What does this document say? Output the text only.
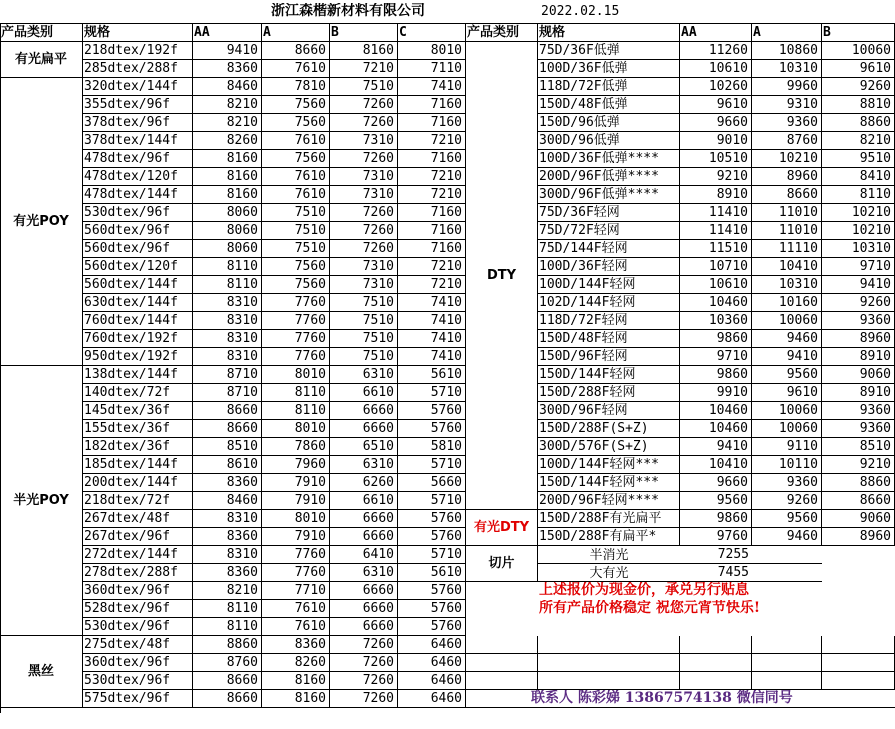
浙江森楷新材料有限公司	2022.02.15
产品类别	规格	AA	A	B	C	产品类别	规格	AA	A	B
有光扁平
218dtex/192f	9410	8660	8160	8010
285dtex/288f	8360	7610	7210	7110
有光POY
320dtex/144f	8460	7810	7510	7410
355dtex/96f	8210	7560	7260	7160
378dtex/96f	8210	7560	7260	7160
378dtex/144f	8260	7610	7310	7210
478dtex/96f	8160	7560	7260	7160
478dtex/120f	8160	7610	7310	7210
478dtex/144f	8160	7610	7310	7210
530dtex/96f	8060	7510	7260	7160
560dtex/96f	8060	7510	7260	7160
560dtex/96f	8060	7510	7260	7160
560dtex/120f	8110	7560	7310	7210
560dtex/144f	8110	7560	7310	7210
630dtex/144f	8310	7760	7510	7410
760dtex/144f	8310	7760	7510	7410
760dtex/192f	8310	7760	7510	7410
950dtex/192f	8310	7760	7510	7410
半光POY
138dtex/144f	8710	8010	6310	5610
140dtex/72f	8710	8110	6610	5710
145dtex/36f	8660	8110	6660	5760
155dtex/36f	8660	8010	6660	5760
182dtex/36f	8510	7860	6510	5810
185dtex/144f	8610	7960	6310	5710
200dtex/144f	8360	7910	6260	5660
218dtex/72f	8460	7910	6610	5710
267dtex/48f	8310	8010	6660	5760
267dtex/96f	8360	7910	6660	5760
272dtex/144f	8310	7760	6410	5710
278dtex/288f	8360	7760	6310	5610
360dtex/96f	8210	7710	6660	5760
528dtex/96f	8110	7610	6660	5760
530dtex/96f	8110	7610	6660	5760
黑丝
275dtex/48f	8860	8360	7260	6460
360dtex/96f	8760	8260	7260	6460
530dtex/96f	8660	8160	7260	6460
575dtex/96f	8660	8160	7260	6460
DTY
75D/36F低弹	11260	10860	10060
100D/36F低弹	10610	10310	9610
118D/72F低弹	10260	9960	9260
150D/48F低弹	9610	9310	8810
150D/96低弹	9660	9360	8860
300D/96低弹	9010	8760	8210
100D/36F低弹****	10510	10210	9510
200D/96F低弹****	9210	8960	8410
300D/96F低弹****	8910	8660	8110
75D/36F轻网	11410	11010	10210
75D/72F轻网	11410	11010	10210
75D/144F轻网	11510	11110	10310
100D/36F轻网	10710	10410	9710
100D/144F轻网	10610	10310	9410
102D/144F轻网	10460	10160	9260
118D/72F轻网	10360	10060	9360
150D/48F轻网	9860	9460	8960
150D/96F轻网	9710	9410	8910
150D/144F轻网	9860	9560	9060
150D/288F轻网	9910	9610	8910
300D/96F轻网	10460	10060	9360
150D/288F(S+Z)	10460	10060	9360
300D/576F(S+Z)	9410	9110	8510
100D/144F轻网***	10410	10110	9210
150D/144F轻网***	9660	9360	8860
200D/96F轻网****	9560	9260	8660
有光DTY
150D/288F有光扁平	9860	9560	9060
150D/288F有扁平*	9760	9460	8960
切片
半消光	7255
大有光	7455
上述报价为现金价，承兑另行贴息
所有产品价格稳定 祝您元宵节快乐!
联系人 陈彩娣 13867574138 微信同号
